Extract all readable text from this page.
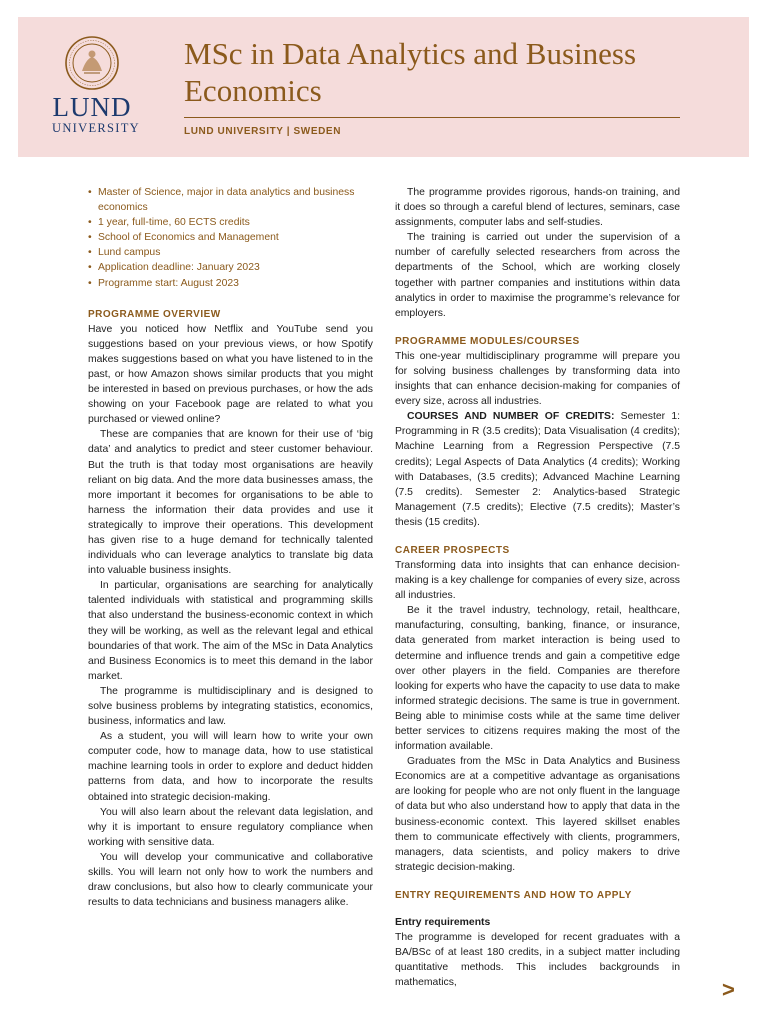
LUND
UNIVERSITY
MSc in Data Analytics and Business Economics
LUND UNIVERSITY | SWEDEN
• Master of Science, major in data analytics and business economics
• 1 year, full-time, 60 ECTS credits
• School of Economics and Management
• Lund campus
• Application deadline: January 2023
• Programme start: August 2023
PROGRAMME OVERVIEW

Have you noticed how Netflix and YouTube send you suggestions based on your previous views, or how Spotify makes suggestions based on what you have listened to in the past, or how Amazon shows similar products that you might be interested in based on previous purchases, or how the ads showing on your Facebook page are related to what you purchased or viewed online?

These are companies that are known for their use of ‘big data’ and analytics to predict and steer customer behaviour. But the truth is that today most organisations are heavily reliant on big data. And the more data businesses amass, the more important it becomes for organisations to be able to harness the information their data provides and use it strategically to improve their operations. This development has given rise to a huge demand for technically talented individuals who can leverage analytics to translate big data into valuable business insights.

In particular, organisations are searching for analytically talented individuals with statistical and programming skills that also understand the business-economic context in which they will be working, as well as the relevant legal and ethical boundaries of that work. The aim of the MSc in Data Analytics and Business Economics is to meet this demand in the labor market.

The programme is multidisciplinary and is designed to solve business problems by integrating statistics, economics, business, informatics and law.

As a student, you will will learn how to write your own computer code, how to manage data, how to use statistical machine learning tools in order to explore and deduct hidden patterns from data, and how to incorporate the results obtained into strategic decision-making.

You will also learn about the relevant data legislation, and why it is important to ensure regulatory compliance when working with sensitive data.

You will develop your communicative and collaborative skills. You will learn not only how to work the numbers and draw conclusions, but also how to clearly communicate your results to data technicians and business managers alike.

The programme provides rigorous, hands-on training, and it does so through a careful blend of lectures, seminars, case assignments, computer labs and self-studies.

The training is carried out under the supervision of a number of carefully selected researchers from across the departments of the School, which are working closely together with partner companies and institutions within data analytics in order to maximise the programme’s relevance for employers.

PROGRAMME MODULES/COURSES

This one-year multidisciplinary programme will prepare you for solving business challenges by transforming data into insights that can enhance decision-making for companies of every size, across all industries.

COURSES AND NUMBER OF CREDITS: Semester 1: Programming in R (3.5 credits); Data Visualisation (4 credits); Machine Learning from a Regression Perspective (7.5 credits); Legal Aspects of Data Analytics (4 credits); Working with Databases, (3.5 credits); Advanced Machine Learning (7.5 credits). Semester 2: Analytics-based Strategic Management (7.5 credits); Elective (7.5 credits); Master’s thesis (15 credits).

CAREER PROSPECTS

Transforming data into insights that can enhance decision-making is a key challenge for companies of every size, across all industries.

Be it the travel industry, technology, retail, healthcare, manufacturing, consulting, banking, finance, or insurance, data generated from market interaction is being used to determine and influence trends and gain a competitive edge over other players in the field. Companies are therefore looking for experts who have the capacity to use data to make informed strategic decisions. The same is true in government. Being able to minimise costs while at the same time deliver better services to citizens requires making the most of the information available.

Graduates from the MSc in Data Analytics and Business Economics are at a competitive advantage as organisations are looking for people who are not only fluent in the language of data but who also understand how to apply that data in the business-economic context. This layered skillset enables them to communicate effectively with clients, programmers, managers, data scientists, and policy makers to drive strategic decision-making.

ENTRY REQUIREMENTS AND HOW TO APPLY
Entry requirements

The programme is developed for recent graduates with a BA/BSc of at least 180 credits, in a subject matter including quantitative methods. This includes backgrounds in mathematics,	>
